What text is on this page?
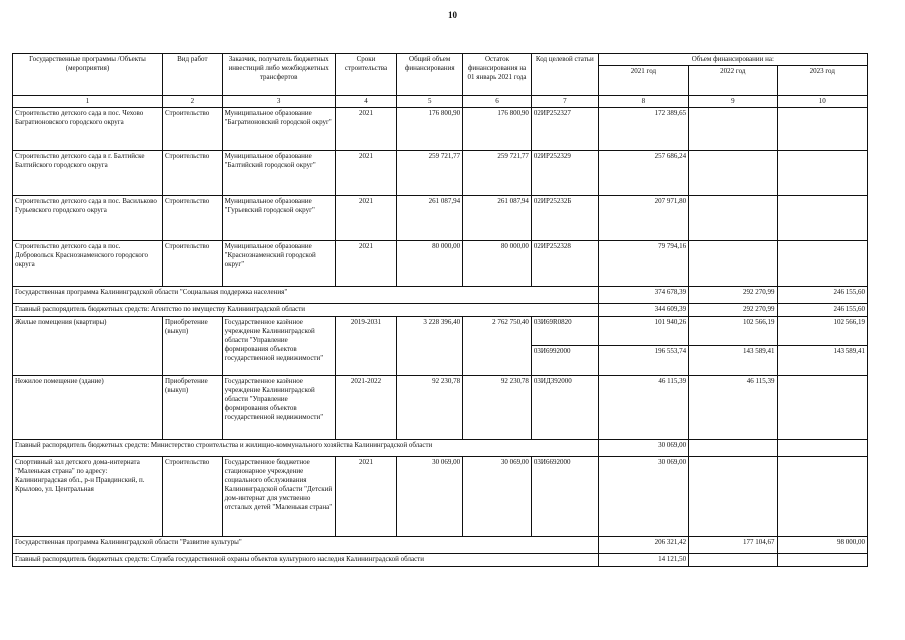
10
Государственные программы /Объекты (мероприятия)	Вид работ	Заказчик, получатель бюджетных инвестиций либо межбюджетных трансфертов	Сроки строительства	Общий объем финансирования	Остаток финансирования на 01 январь 2021 года	Код целевой статьи	Объем финансировании на:		
							2021 год	2022 год	2023 год
1	2	3	4	5	6	7	8	9	10
Строительство детского сада в пос. Чехово Багратионовского городского округа	Строительство	Муниципальное образование "Багратионовский городской округ"	2021	176 800,90	176 800,90	02ИР252327	172 389,65		
Строительство детского сада в г. Балтийске Балтийского городского округа	Строительство	Муниципальное образование "Балтийский городской округ"	2021	259 721,77	259 721,77	02ИР252329	257 686,24		
Строительство детского сада в пос. Васильково Гурьевского городского округа	Строительство	Муниципальное образование "Гурьевский городской округ"	2021	261 087,94	261 087,94	02ИР25232Б	207 971,80		
Строительство детского сада в пос. Добровольск Краснознаменского городского округа	Строительство	Муниципальное образование "Краснознаменский городской округ"	2021	80 000,00	80 000,00	02ИР252328	79 794,16		
Государственная программа Калининградской области "Социальная поддержка населения"							374 678,39	292 270,99	246 155,60
Главный распорядитель бюджетных средств: Агентство по имуществу Калининградской области							344 609,39	292 270,99	246 155,60
Жилые помещения (квартиры)	Приобретение (выкуп)	Государственное казённое учреждение Калининградской области "Управление формирования объектов государственной недвижимости"	2019-2031	3 228 396,40	2 762 750,40	03И69R0820	101 940,26	102 566,19	102 566,19
						03И6992000	196 553,74	143 589,41	143 589,41
Нежилое помещение (здание)	Приобретение (выкуп)	Государственное казённое учреждение Калининградской области "Управление формирования объектов государственной недвижимости"	2021-2022	92 230,78	92 230,78	03ИД392000	46 115,39	46 115,39	
Главный распорядитель бюджетных средств: Министерство строительства и жилищно-коммунального хозяйства Калининградской области							30 069,00		
Спортивный зал детского дома-интерната "Маленькая страна" по адресу: Калининградская обл., р-н Правдинский, п. Крылово, ул. Центральная	Строительство	Государственное бюджетное стационарное учреждение социального обслуживания Калининградской области "Детский дом-интернат для умственно отсталых детей "Маленькая страна"	2021	30 069,00	30 069,00	03И6692000	30 069,00		
Государственная программа Калининградской области "Развитие культуры"							206 321,42	177 104,67	98 000,00
Главный распорядитель бюджетных средств: Служба государственной охраны объектов культурного наследия Калининградской области							14 121,50		
